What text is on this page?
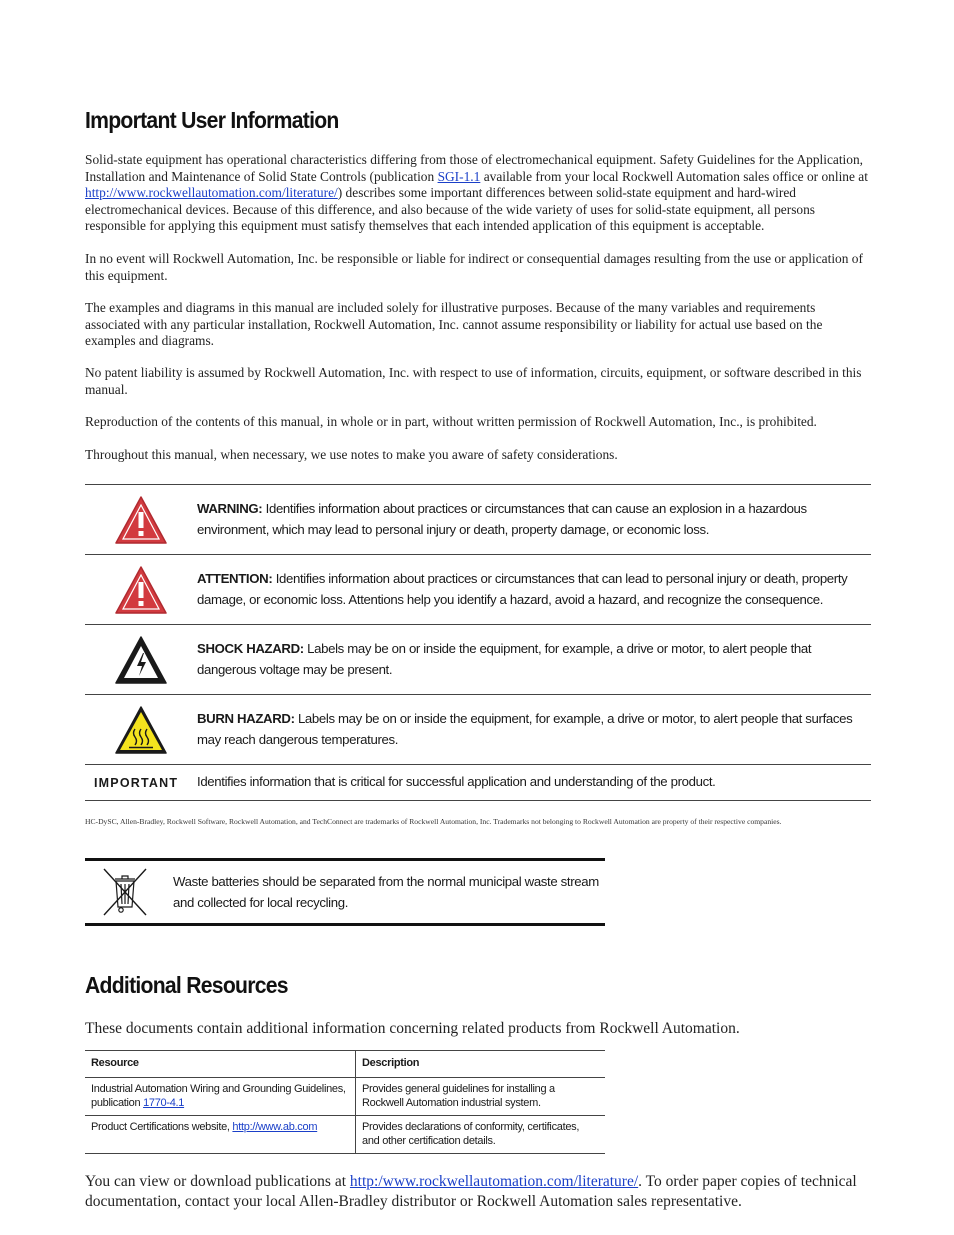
Important User Information

Solid-state equipment has operational characteristics differing from those of electromechanical equipment. Safety Guidelines for the Application, Installation and Maintenance of Solid State Controls (publication SGI-1.1 available from your local Rockwell Automation sales office or online at http://www.rockwellautomation.com/literature/) describes some important differences between solid-state equipment and hard-wired electromechanical devices. Because of this difference, and also because of the wide variety of uses for solid-state equipment, all persons responsible for applying this equipment must satisfy themselves that each intended application of this equipment is acceptable.

In no event will Rockwell Automation, Inc. be responsible or liable for indirect or consequential damages resulting from the use or application of this equipment.

The examples and diagrams in this manual are included solely for illustrative purposes. Because of the many variables and requirements associated with any particular installation, Rockwell Automation, Inc. cannot assume responsibility or liability for actual use based on the examples and diagrams.

No patent liability is assumed by Rockwell Automation, Inc. with respect to use of information, circuits, equipment, or software described in this manual.

Reproduction of the contents of this manual, in whole or in part, without written permission of Rockwell Automation, Inc., is prohibited.

Throughout this manual, when necessary, we use notes to make you aware of safety considerations.

WARNING: Identifies information about practices or circumstances that can cause an explosion in a hazardous environment, which may lead to personal injury or death, property damage, or economic loss.
ATTENTION: Identifies information about practices or circumstances that can lead to personal injury or death, property damage, or economic loss. Attentions help you identify a hazard, avoid a hazard, and recognize the consequence.
SHOCK HAZARD: Labels may be on or inside the equipment, for example, a drive or motor, to alert people that dangerous voltage may be present.
BURN HAZARD: Labels may be on or inside the equipment, for example, a drive or motor, to alert people that surfaces may reach dangerous temperatures.
IMPORTANT	Identifies information that is critical for successful application and understanding of the product.

HC-DySC, Allen-Bradley, Rockwell Software, Rockwell Automation, and TechConnect are trademarks of Rockwell Automation, Inc. Trademarks not belonging to Rockwell Automation are property of their respective companies.

Waste batteries should be separated from the normal municipal waste stream and collected for local recycling.
Additional Resources

These documents contain additional information concerning related products from Rockwell Automation.

Resource	Description
Industrial Automation Wiring and Grounding Guidelines, publication 1770-4.1	Provides general guidelines for installing a Rockwell Automation industrial system.
Product Certifications website, http://www.ab.com	Provides declarations of conformity, certificates, and other certification details.

You can view or download publications at http:/www.rockwellautomation.com/literature/. To order paper copies of technical documentation, contact your local Allen-Bradley distributor or Rockwell Automation sales representative.
